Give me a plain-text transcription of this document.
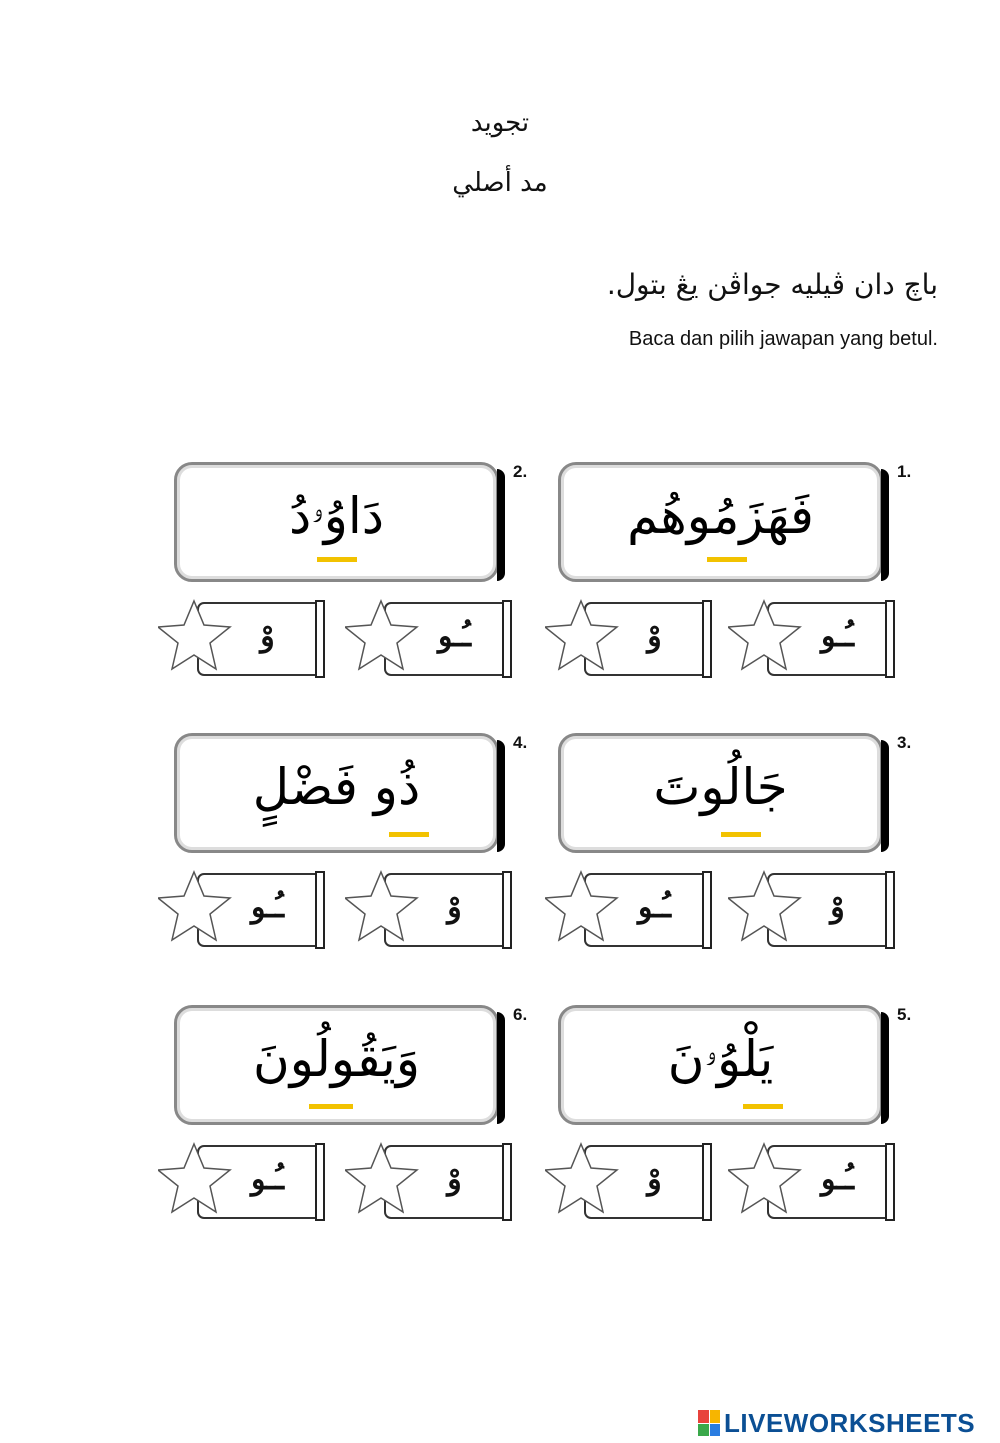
تجويد
مد أصلي
باچ دان ڤيليه جواڤن يڠ بتول.
Baca dan pilih jawapan yang betul.
1.
فَهَزَمُوهُم
ـُـو
وْ
2.
دَاوُۥدُ
ـُـو
وْ
3.
جَالُوتَ
وْ
ـُـو
4.
ذُو فَضْلٍ
وْ
ـُـو
5.
يَلْوُۥنَ
ـُـو
وْ
6.
وَيَقُولُونَ
وْ
ـُـو
LIVEWORKSHEETS
